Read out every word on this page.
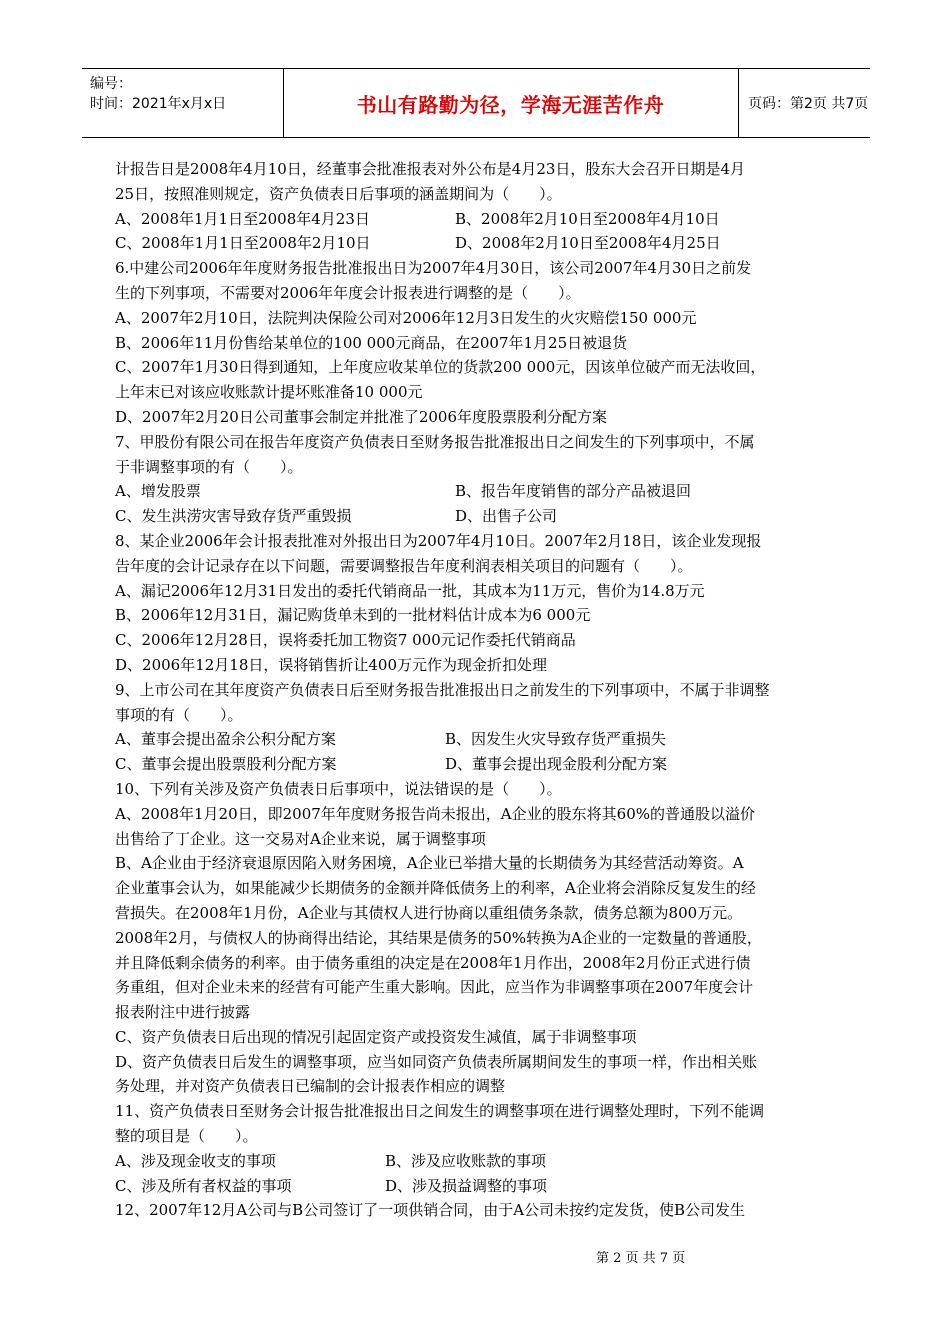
编号：
时间：2021年x月x日	书山有路勤为径，学海无涯苦作舟	页码：第2页 共7页
计报告日是2008年4月10日，经董事会批准报表对外公布是4月23日，股东大会召开日期是4月
25日，按照准则规定，资产负债表日后事项的涵盖期间为（　　）。
A、2008年1月1日至2008年4月23日	B、2008年2月10日至2008年4月10日
C、2008年1月1日至2008年2月10日	D、2008年2月10日至2008年4月25日
6.中建公司2006年年度财务报告批准报出日为2007年4月30日，该公司2007年4月30日之前发
生的下列事项，不需要对2006年年度会计报表进行调整的是（　　）。
A、2007年2月10日，法院判决保险公司对2006年12月3日发生的火灾赔偿150 000元
B、2006年11月份售给某单位的100 000元商品，在2007年1月25日被退货
C、2007年1月30日得到通知，上年度应收某单位的货款200 000元，因该单位破产而无法收回，
上年末已对该应收账款计提坏账准备10 000元
D、2007年2月20日公司董事会制定并批准了2006年度股票股利分配方案
7、甲股份有限公司在报告年度资产负债表日至财务报告批准报出日之间发生的下列事项中，不属
于非调整事项的有（　　）。
A、增发股票	B、报告年度销售的部分产品被退回
C、发生洪涝灾害导致存货严重毁损	D、出售子公司
8、某企业2006年会计报表批准对外报出日为2007年4月10日。2007年2月18日，该企业发现报
告年度的会计记录存在以下问题，需要调整报告年度利润表相关项目的问题有（　　）。
A、漏记2006年12月31日发出的委托代销商品一批，其成本为11万元，售价为14.8万元
B、2006年12月31日，漏记购货单未到的一批材料估计成本为6 000元
C、2006年12月28日，误将委托加工物资7 000元记作委托代销商品
D、2006年12月18日，误将销售折让400万元作为现金折扣处理
9、上市公司在其年度资产负债表日后至财务报告批准报出日之前发生的下列事项中，不属于非调整
事项的有（　　）。
A、董事会提出盈余公积分配方案	B、因发生火灾导致存货严重损失
C、董事会提出股票股利分配方案	D、董事会提出现金股利分配方案
10、下列有关涉及资产负债表日后事项中，说法错误的是（　　）。
A、2008年1月20日，即2007年年度财务报告尚未报出，A企业的股东将其60%的普通股以溢价
出售给了丁企业。这一交易对A企业来说，属于调整事项
B、A企业由于经济衰退原因陷入财务困境，A企业已举措大量的长期债务为其经营活动筹资。A
企业董事会认为，如果能减少长期债务的金额并降低债务上的利率，A企业将会消除反复发生的经
营损失。在2008年1月份，A企业与其债权人进行协商以重组债务条款，债务总额为800万元。
2008年2月，与债权人的协商得出结论，其结果是债务的50%转换为A企业的一定数量的普通股，
并且降低剩余债务的利率。由于债务重组的决定是在2008年1月作出，2008年2月份正式进行债
务重组，但对企业未来的经营有可能产生重大影响。因此，应当作为非调整事项在2007年度会计
报表附注中进行披露
C、资产负债表日后出现的情况引起固定资产或投资发生减值，属于非调整事项
D、资产负债表日后发生的调整事项，应当如同资产负债表所属期间发生的事项一样，作出相关账
务处理，并对资产负债表日已编制的会计报表作相应的调整
11、资产负债表日至财务会计报告批准报出日之间发生的调整事项在进行调整处理时，下列不能调
整的项目是（　　）。
A、涉及现金收支的事项	B、涉及应收账款的事项
C、涉及所有者权益的事项	D、涉及损益调整的事项
12、2007年12月A公司与B公司签订了一项供销合同，由于A公司未按约定发货，使B公司发生
第 2 页 共 7 页
